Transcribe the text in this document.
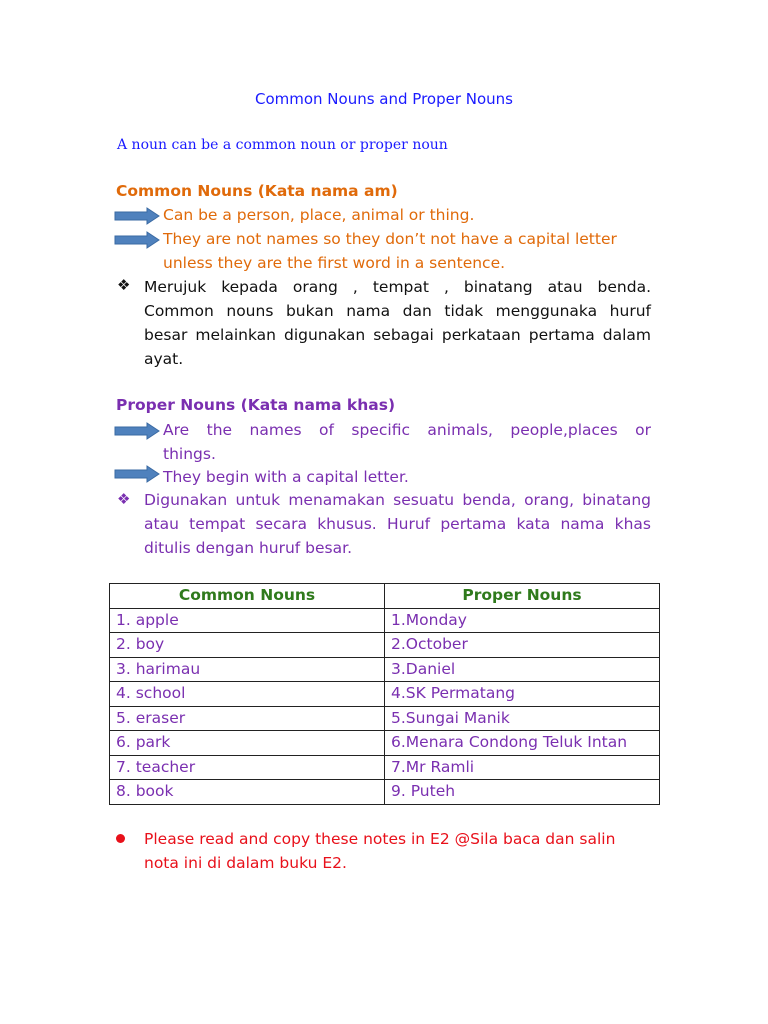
Common Nouns and Proper Nouns
A noun can be a common noun or proper noun
Common Nouns (Kata nama am)
Can be a person, place, animal or thing.
They are not names so they don’t not have a capital letter
unless they are the first word in a sentence.
❖ Merujuk kepada orang , tempat , binatang atau benda.
Common nouns bukan nama dan tidak menggunaka huruf
besar melainkan digunakan sebagai perkataan pertama dalam
ayat.
Proper Nouns (Kata nama khas)
Are the names of specific animals, people,places or
things.
They begin with a capital letter.
❖ Digunakan untuk menamakan sesuatu benda, orang, binatang
atau tempat secara khusus. Huruf pertama kata nama khas
ditulis dengan huruf besar.
Common Nouns	Proper Nouns
1. apple	1.Monday
2. boy	2.October
3. harimau	3.Daniel
4. school	4.SK Permatang
5. eraser	5.Sungai Manik
6. park	6.Menara Condong Teluk Intan
7. teacher	7.Mr Ramli
8. book	9. Puteh
Please read and copy these notes in E2 @Sila baca dan salin
nota ini di dalam buku E2.
